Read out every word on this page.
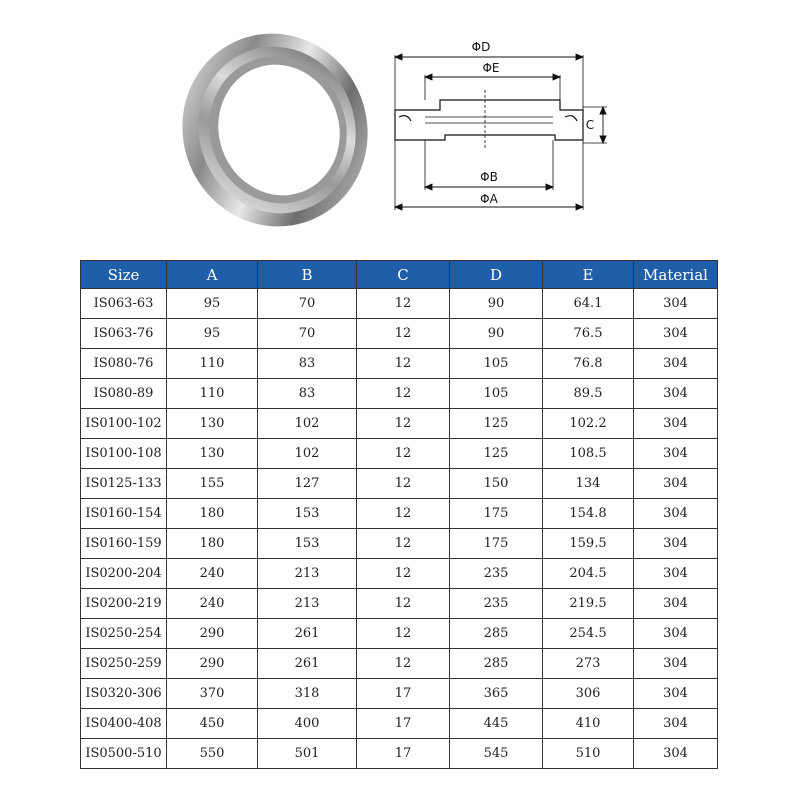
ΦD
ΦE
ΦB
ΦA
C
Size	A	B	C	D	E	Material
IS063-63	95	70	12	90	64.1	304
IS063-76	95	70	12	90	76.5	304
IS080-76	110	83	12	105	76.8	304
IS080-89	110	83	12	105	89.5	304
IS0100-102	130	102	12	125	102.2	304
IS0100-108	130	102	12	125	108.5	304
IS0125-133	155	127	12	150	134	304
IS0160-154	180	153	12	175	154.8	304
IS0160-159	180	153	12	175	159.5	304
IS0200-204	240	213	12	235	204.5	304
IS0200-219	240	213	12	235	219.5	304
IS0250-254	290	261	12	285	254.5	304
IS0250-259	290	261	12	285	273	304
IS0320-306	370	318	17	365	306	304
IS0400-408	450	400	17	445	410	304
IS0500-510	550	501	17	545	510	304
